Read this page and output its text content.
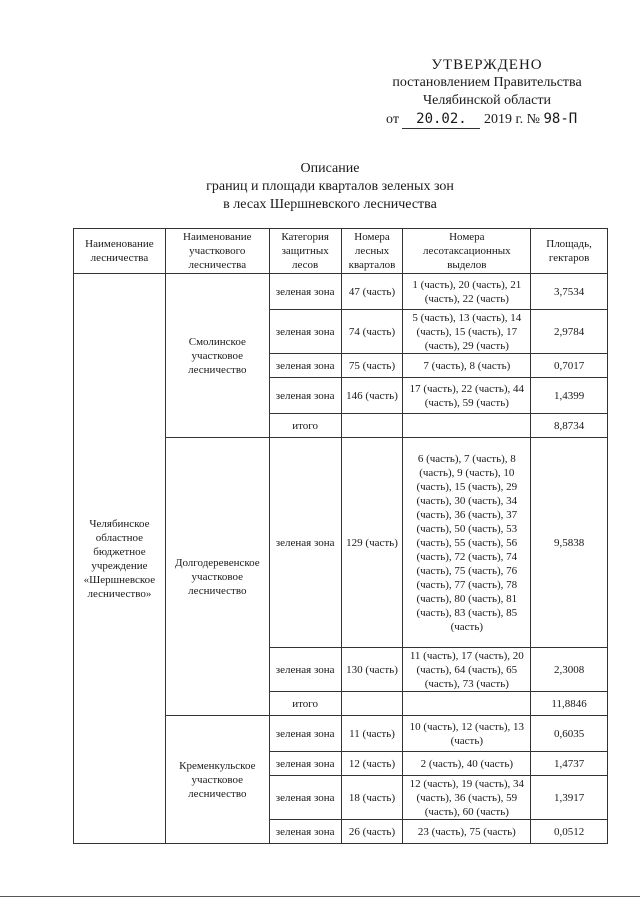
УТВЕРЖДЕНО
постановлением Правительства
Челябинской области
от 20.02. 2019 г. № 98-П
Описание
границ и площади кварталов зеленых зон
в лесах Шершневского лесничества
Наименование лесничества	Наименование участкового лесничества	Категория защитных лесов	Номера лесных кварталов	Номера лесотаксационных выделов	Площадь, гектаров
Челябинское областное бюджетное учреждение «Шершневское лесничество»	Смолинское участковое лесничество	зеленая зона	47 (часть)	1 (часть), 20 (часть), 21 (часть), 22 (часть)	3,7534
		зеленая зона	74 (часть)	5 (часть), 13 (часть), 14 (часть), 15 (часть), 17 (часть), 29 (часть)	2,9784
		зеленая зона	75 (часть)	7 (часть), 8 (часть)	0,7017
		зеленая зона	146 (часть)	17 (часть), 22 (часть), 44 (часть), 59 (часть)	1,4399
		итого			8,8734
	Долгодеревенское участковое лесничество	зеленая зона	129 (часть)	6 (часть), 7 (часть), 8 (часть), 9 (часть), 10 (часть), 15 (часть), 29 (часть), 30 (часть), 34 (часть), 36 (часть), 37 (часть), 50 (часть), 53 (часть), 55 (часть), 56 (часть), 72 (часть), 74 (часть), 75 (часть), 76 (часть), 77 (часть), 78 (часть), 80 (часть), 81 (часть), 83 (часть), 85 (часть)	9,5838
		зеленая зона	130 (часть)	11 (часть), 17 (часть), 20 (часть), 64 (часть), 65 (часть), 73 (часть)	2,3008
		итого			11,8846
	Кременкульское участковое лесничество	зеленая зона	11 (часть)	10 (часть), 12 (часть), 13 (часть)	0,6035
		зеленая зона	12 (часть)	2 (часть), 40 (часть)	1,4737
		зеленая зона	18 (часть)	12 (часть), 19 (часть), 34 (часть), 36 (часть), 59 (часть), 60 (часть)	1,3917
		зеленая зона	26 (часть)	23 (часть), 75 (часть)	0,0512
